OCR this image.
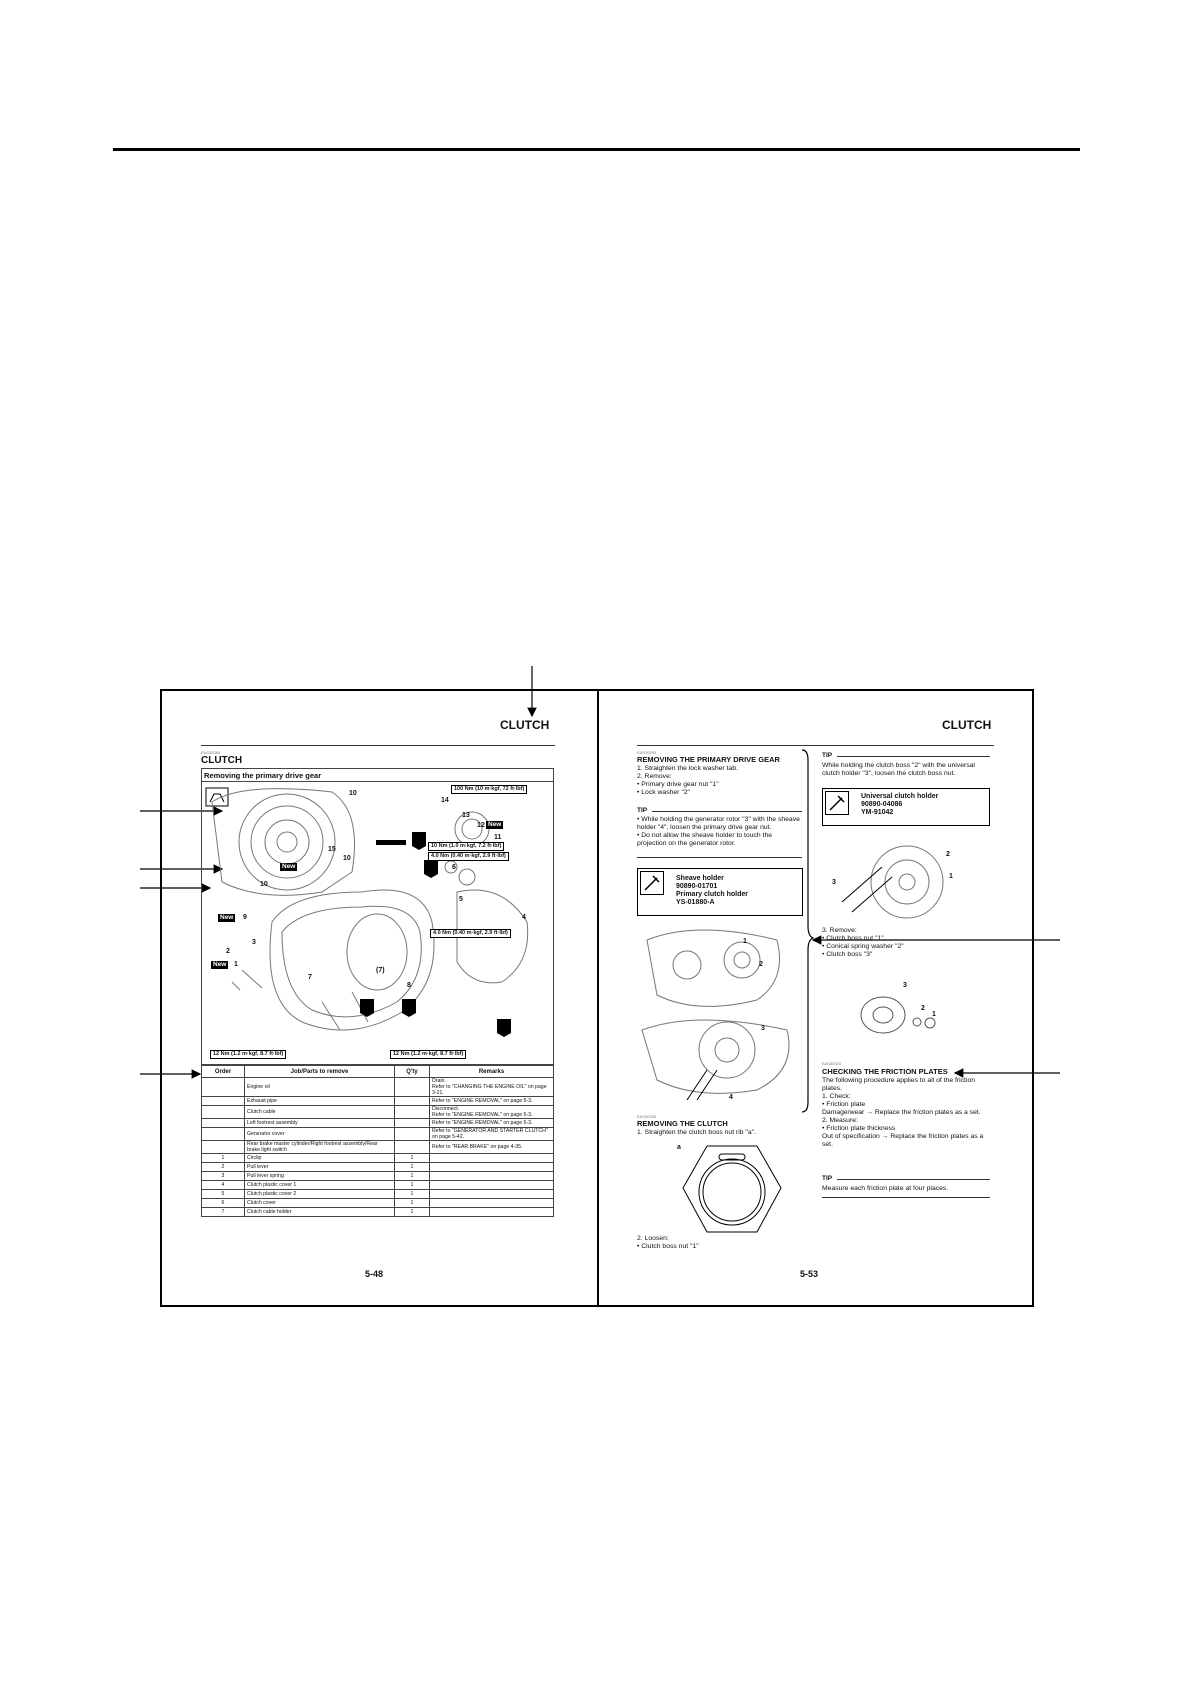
CLUTCH
EAS30280
CLUTCH
Removing the primary drive gear
100 Nm (10 m·kgf, 72 ft·lbf)
10 Nm (1.0 m·kgf, 7.2 ft·lbf)
4.0 Nm (0.40 m·kgf, 2.9 ft·lbf)
4.0 Nm (0.40 m·kgf, 2.9 ft·lbf)
12 Nm (1.2 m·kgf, 8.7 ft·lbf)	12 Nm (1.2 m·kgf, 8.7 ft·lbf)
New
New
New
New
10
14
13
12
11
15
10
10
6
5
4
9
3
2
1
7
(7)
8
Order	Job/Parts to remove	Q'ty	Remarks
	Engine oil		Drain.
Refer to "CHANGING THE ENGINE OIL" on page 3-21.
	Exhaust pipe		Refer to "ENGINE REMOVAL" on page 5-3.
	Clutch cable		Disconnect.
Refer to "ENGINE REMOVAL" on page 5-3.
	Left footrest assembly		Refer to "ENGINE REMOVAL" on page 5-3.
	Generator cover		Refer to "GENERATOR AND STARTER CLUTCH" on page 5-42.
	Rear brake master cylinder/Right footrest assembly/Rear brake light switch		Refer to "REAR BRAKE" on page 4-35.
1	Circlip	1	
2	Pull lever	1	
3	Pull lever spring	1	
4	Clutch plastic cover 1	1	
5	Clutch plastic cover 2	1	
6	Clutch cover	1	
7	Clutch cable holder	1	
5-48
CLUTCH
EAS30290
REMOVING THE PRIMARY DRIVE GEAR
1. Straighten the lock washer tab.
2. Remove:
• Primary drive gear nut "1"
• Lock washer "2"
TIP
• While holding the generator rotor "3" with the sheave holder "4", loosen the primary drive gear nut.
• Do not allow the sheave holder to touch the projection on the generator rotor.
Sheave holder
90890-01701
Primary clutch holder
YS-01880-A
1
2
3
4
EAS30300
REMOVING THE CLUTCH
1. Straighten the clutch boss nut rib "a".
a
2. Loosen:
• Clutch boss nut "1"
TIP
While holding the clutch boss "2" with the universal clutch holder "3", loosen the clutch boss nut.
Universal clutch holder
90890-04086
YM-91042
2
1
3
3. Remove:
• Clutch boss nut "1"
• Conical spring washer "2"
• Clutch boss "3"
3
2
1
EAS30310
CHECKING THE FRICTION PLATES
The following procedure applies to all of the friction plates.
1. Check:
• Friction plate
Damage/wear → Replace the friction plates as a set.
2. Measure:
• Friction plate thickness
Out of specification → Replace the friction plates as a set.
TIP
Measure each friction plate at four places.
5-53
